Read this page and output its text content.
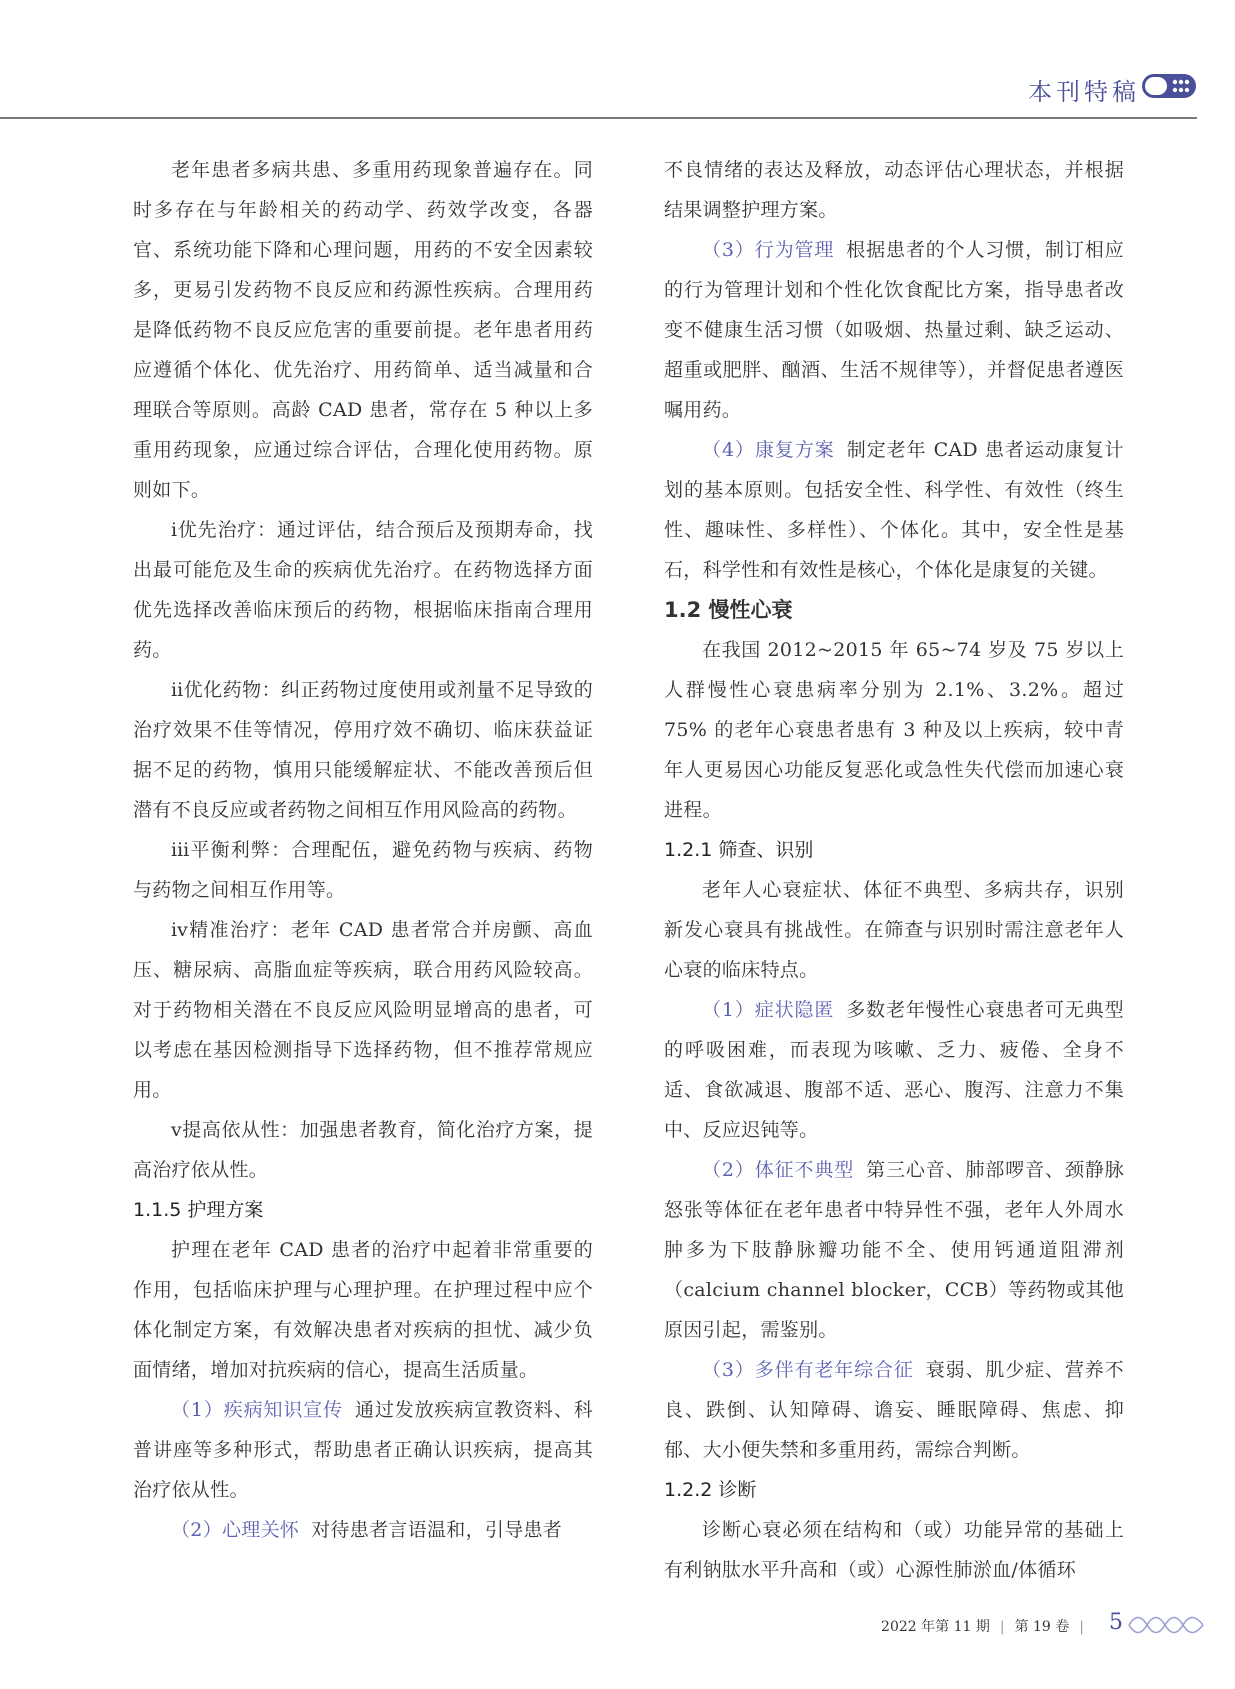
本刊特稿

老年患者多病共患、多重用药现象普遍存在。同时多存在与年龄相关的药动学、药效学改变，各器官、系统功能下降和心理问题，用药的不安全因素较多，更易引发药物不良反应和药源性疾病。合理用药是降低药物不良反应危害的重要前提。老年患者用药应遵循个体化、优先治疗、用药简单、适当减量和合理联合等原则。高龄 CAD 患者，常存在 5 种以上多重用药现象，应通过综合评估，合理化使用药物。原则如下。

ⅰ优先治疗：通过评估，结合预后及预期寿命，找出最可能危及生命的疾病优先治疗。在药物选择方面优先选择改善临床预后的药物，根据临床指南合理用药。

ⅱ优化药物：纠正药物过度使用或剂量不足导致的治疗效果不佳等情况，停用疗效不确切、临床获益证据不足的药物，慎用只能缓解症状、不能改善预后但潜有不良反应或者药物之间相互作用风险高的药物。

ⅲ平衡利弊：合理配伍，避免药物与疾病、药物与药物之间相互作用等。

ⅳ精准治疗：老年 CAD 患者常合并房颤、高血压、糖尿病、高脂血症等疾病，联合用药风险较高。对于药物相关潜在不良反应风险明显增高的患者，可以考虑在基因检测指导下选择药物，但不推荐常规应用。

ⅴ提高依从性：加强患者教育，简化治疗方案，提高治疗依从性。

1.1.5 护理方案

护理在老年 CAD 患者的治疗中起着非常重要的作用，包括临床护理与心理护理。在护理过程中应个体化制定方案，有效解决患者对疾病的担忧、减少负面情绪，增加对抗疾病的信心，提高生活质量。

（1）疾病知识宣传 通过发放疾病宣教资料、科普讲座等多种形式，帮助患者正确认识疾病，提高其治疗依从性。

（2）心理关怀 对待患者言语温和，引导患者

不良情绪的表达及释放，动态评估心理状态，并根据结果调整护理方案。

（3）行为管理 根据患者的个人习惯，制订相应的行为管理计划和个性化饮食配比方案，指导患者改变不健康生活习惯（如吸烟、热量过剩、缺乏运动、超重或肥胖、酗酒、生活不规律等），并督促患者遵医嘱用药。

（4）康复方案 制定老年 CAD 患者运动康复计划的基本原则。包括安全性、科学性、有效性（终生性、趣味性、多样性）、个体化。其中，安全性是基石，科学性和有效性是核心，个体化是康复的关键。

1.2 慢性心衰

在我国 2012~2015 年 65~74 岁及 75 岁以上人群慢性心衰患病率分别为 2.1%、3.2%。超过 75% 的老年心衰患者患有 3 种及以上疾病，较中青年人更易因心功能反复恶化或急性失代偿而加速心衰进程。

1.2.1 筛查、识别

老年人心衰症状、体征不典型、多病共存，识别新发心衰具有挑战性。在筛查与识别时需注意老年人心衰的临床特点。

（1）症状隐匿 多数老年慢性心衰患者可无典型的呼吸困难，而表现为咳嗽、乏力、疲倦、全身不适、食欲减退、腹部不适、恶心、腹泻、注意力不集中、反应迟钝等。

（2）体征不典型 第三心音、肺部啰音、颈静脉怒张等体征在老年患者中特异性不强，老年人外周水肿多为下肢静脉瓣功能不全、使用钙通道阻滞剂（calcium channel blocker，CCB）等药物或其他原因引起，需鉴别。

（3）多伴有老年综合征 衰弱、肌少症、营养不良、跌倒、认知障碍、谵妄、睡眠障碍、焦虑、抑郁、大小便失禁和多重用药，需综合判断。

1.2.2 诊断

诊断心衰必须在结构和（或）功能异常的基础上有利钠肽水平升高和（或）心源性肺淤血/体循环

2022 年第 11 期 | 第 19 卷 |	5
